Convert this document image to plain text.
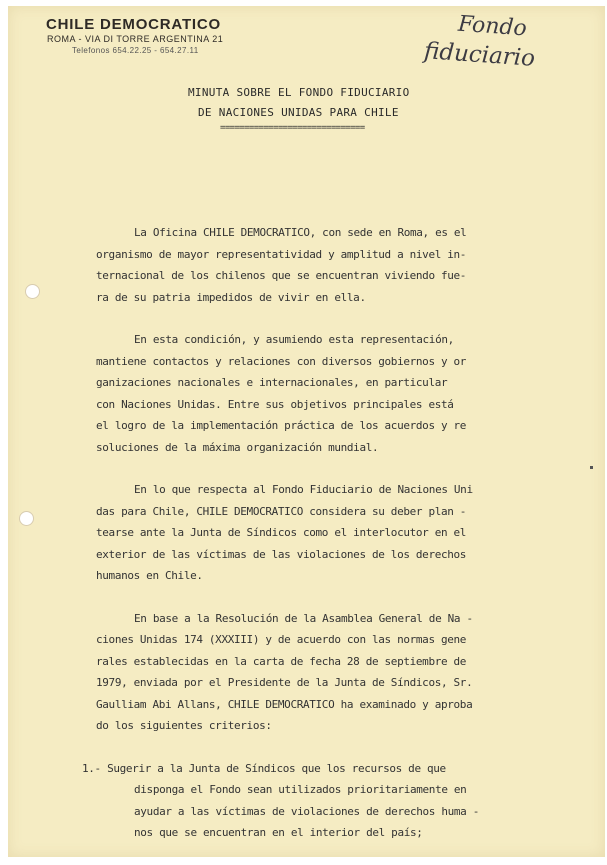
CHILE DEMOCRATICO
ROMA - VIA DI TORRE ARGENTINA 21
Telefonos 654.22.25 - 654.27.11
Fondo
fiduciario
MINUTA SOBRE EL FONDO FIDUCIARIO
DE NACIONES UNIDAS PARA CHILE
==============================
La Oficina CHILE DEMOCRATICO, con sede en Roma, es el
organismo de mayor representatividad y amplitud a nivel in-
ternacional de los chilenos que se encuentran viviendo fue-
ra de su patria impedidos de vivir en ella.
En esta condición, y asumiendo esta representación,
mantiene contactos y relaciones con diversos gobiernos y or
ganizaciones nacionales e internacionales, en particular
con Naciones Unidas. Entre sus objetivos principales está
el logro de la implementación práctica de los acuerdos y re
soluciones de la máxima organización mundial.
En lo que respecta al Fondo Fiduciario de Naciones Uni
das para Chile, CHILE DEMOCRATICO considera su deber plan -
tearse ante la Junta de Síndicos como el interlocutor en el
exterior de las víctimas de las violaciones de los derechos
humanos en Chile.
En base a la Resolución de la Asamblea General de Na -
ciones Unidas 174 (XXXIII) y de acuerdo con las normas gene
rales establecidas en la carta de fecha 28 de septiembre de
1979, enviada por el Presidente de la Junta de Síndicos, Sr.
Gaulliam Abi Allans, CHILE DEMOCRATICO ha examinado y aproba
do los siguientes criterios:
1.- Sugerir a la Junta de Síndicos que los recursos de que
disponga el Fondo sean utilizados prioritariamente en
ayudar a las víctimas de violaciones de derechos huma -
nos que se encuentran en el interior del país;
